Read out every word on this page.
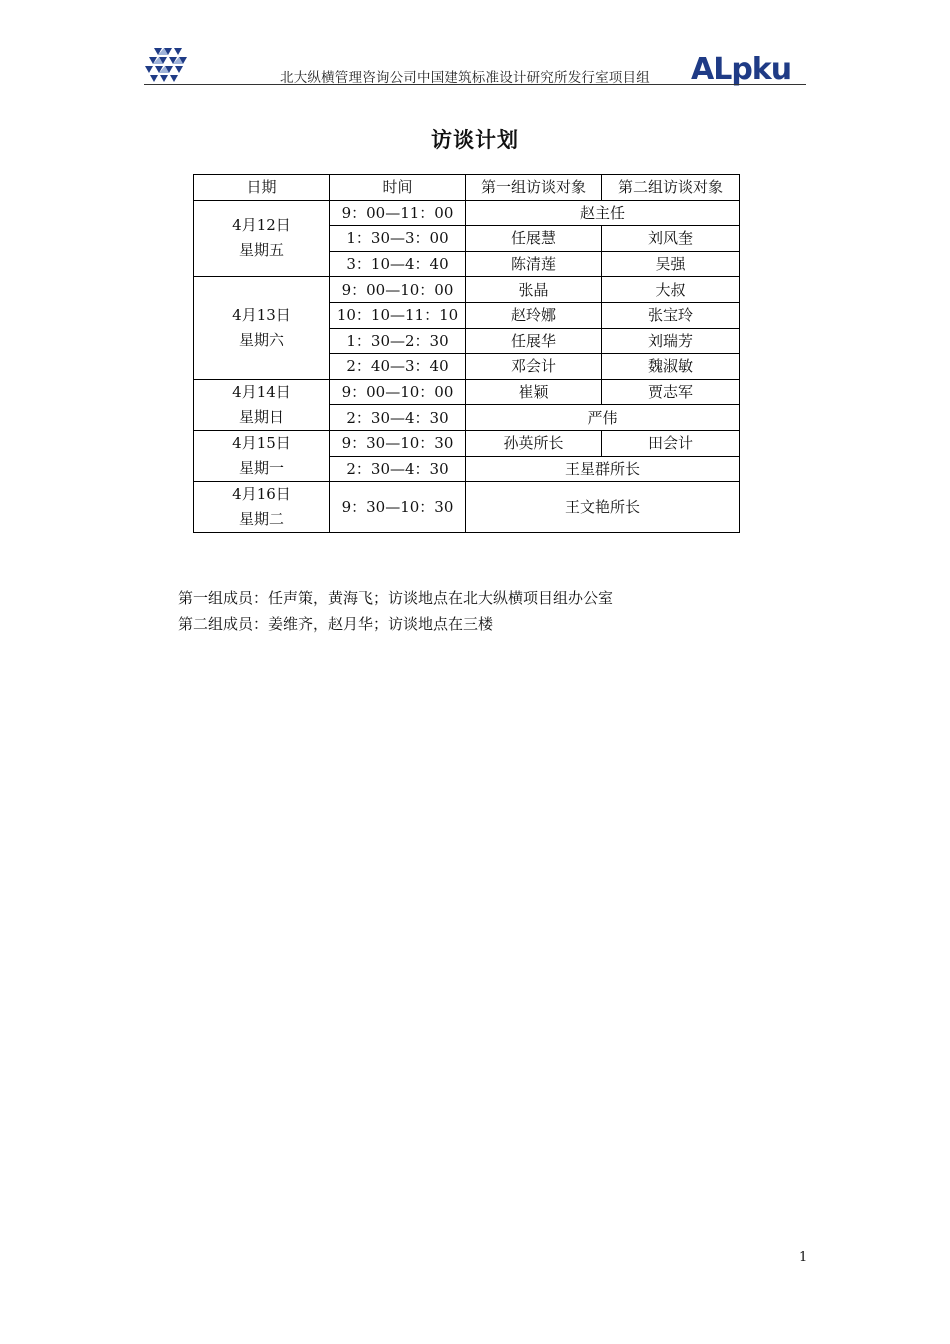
北大纵横管理咨询公司中国建筑标准设计研究所发行室项目组 ALpku
访谈计划
日期	时间	第一组访谈对象	第二组访谈对象

4月12日
星期五	9：00—11：00	赵主任	
	1：30—3：00	任展慧	刘风奎
	3：10—4：40	陈清莲	吴强

4月13日
星期六	9：00—10：00	张晶	大叔
	10：10—11：10	赵玲娜	张宝玲
	1：30—2：30	任展华	刘瑞芳
	2：40—3：40	邓会计	魏淑敏

4月14日
星期日	9：00—10：00	崔颖	贾志军
	2：30—4：30	严伟	

4月15日
星期一	9：30—10：30	孙英所长	田会计
	2：30—4：30	王星群所长	

4月16日
星期二	9：30—10：30	王文艳所长	
第一组成员：任声策，黄海飞；访谈地点在北大纵横项目组办公室
第二组成员：姜维齐，赵月华；访谈地点在三楼
1
